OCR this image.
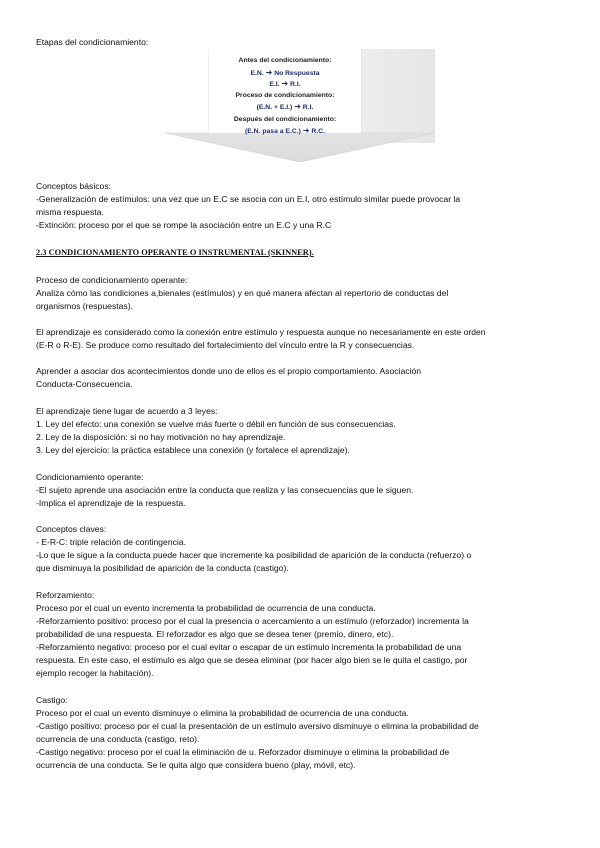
Etapas del condicionamiento:
Antes del condicionamiento:
E.N. ➜ No Respuesta
E.I. ➜ R.I.
Proceso de condicionamiento:
(E.N. + E.I.) ➜ R.I.
Después del condicionamiento:
(E.N. pasa a E.C.) ➜ R.C.
Conceptos básicos:
-Generalización de estímulos: una vez que un E.C se asocia con un E.I, otro estímulo similar puede provocar la
misma respuesta.
-Extinción: proceso por el que se rompe la asociación entre un E.C y una R.C
2.3 CONDICIONAMIENTO OPERANTE O INSTRUMENTAL (SKINNER).
Proceso de condicionamiento operante:
Analiza cómo las condiciones a,bienales (estímulos) y en qué manera afectan al repertorio de conductas del
organismos (respuestas).
El aprendizaje es considerado como la conexión entre estímulo y respuesta aunque no necesariamente en este orden
(E-R o R-E). Se produce como resultado del fortalecimiento del vínculo entre la R y consecuencias.
Aprender a asociar dos acontecimientos donde uno de ellos es el propio comportamiento. Asociación
Conducta-Consecuencia.
El aprendizaje tiene lugar de acuerdo a 3 leyes:
1. Ley del efecto: una conexión se vuelve más fuerte o débil en función de sus consecuencias.
2. Ley de la disposición: si no hay motivación no hay aprendizaje.
3. Ley del ejercicio: la práctica establece una conexión (y fortalece el aprendizaje).
Condicionamiento operante:
-El sujeto aprende una asociación entre la conducta que realiza y las consecuencias que le siguen.
-Implica el aprendizaje de la respuesta.
Conceptos claves:
- E-R-C: triple relación de contingencia.
-Lo que le sigue a la conducta puede hacer que incremente ka posibilidad de aparición de la conducta (refuerzo) o
que disminuya la posibilidad de aparición de la conducta (castigo).
Reforzamiento:
Proceso por el cual un evento incrementa la probabilidad de ocurrencia de una conducta.
-Reforzamiento positivo: proceso por el cual la presencia o acercamiento a un estímulo (reforzador) incrementa la
probabilidad de una respuesta. El reforzador es algo que se desea tener (premio, dinero, etc).
-Reforzamiento negativo: proceso por el cual evitar o escapar de un estímulo incrementa la probabilidad de una
respuesta. En este caso, el estímulo es algo que se desea eliminar (por hacer algo bien se le quita el castigo, por
ejemplo recoger la habitación).
Castigo:
Proceso por el cual un evento disminuye o elimina la probabilidad de ocurrencia de una conducta.
-Castigo positivo: proceso por el cual la presentación de un estímulo aversivo disminuye o elimina la probabilidad de
ocurrencia de una conducta (castigo, reto).
-Castigo negativo: proceso por el cual la eliminación de u. Reforzador disminuye o elimina la probabilidad de
ocurrencia de una conducta. Se le quita algo que considera bueno (play, móvil, etc).
